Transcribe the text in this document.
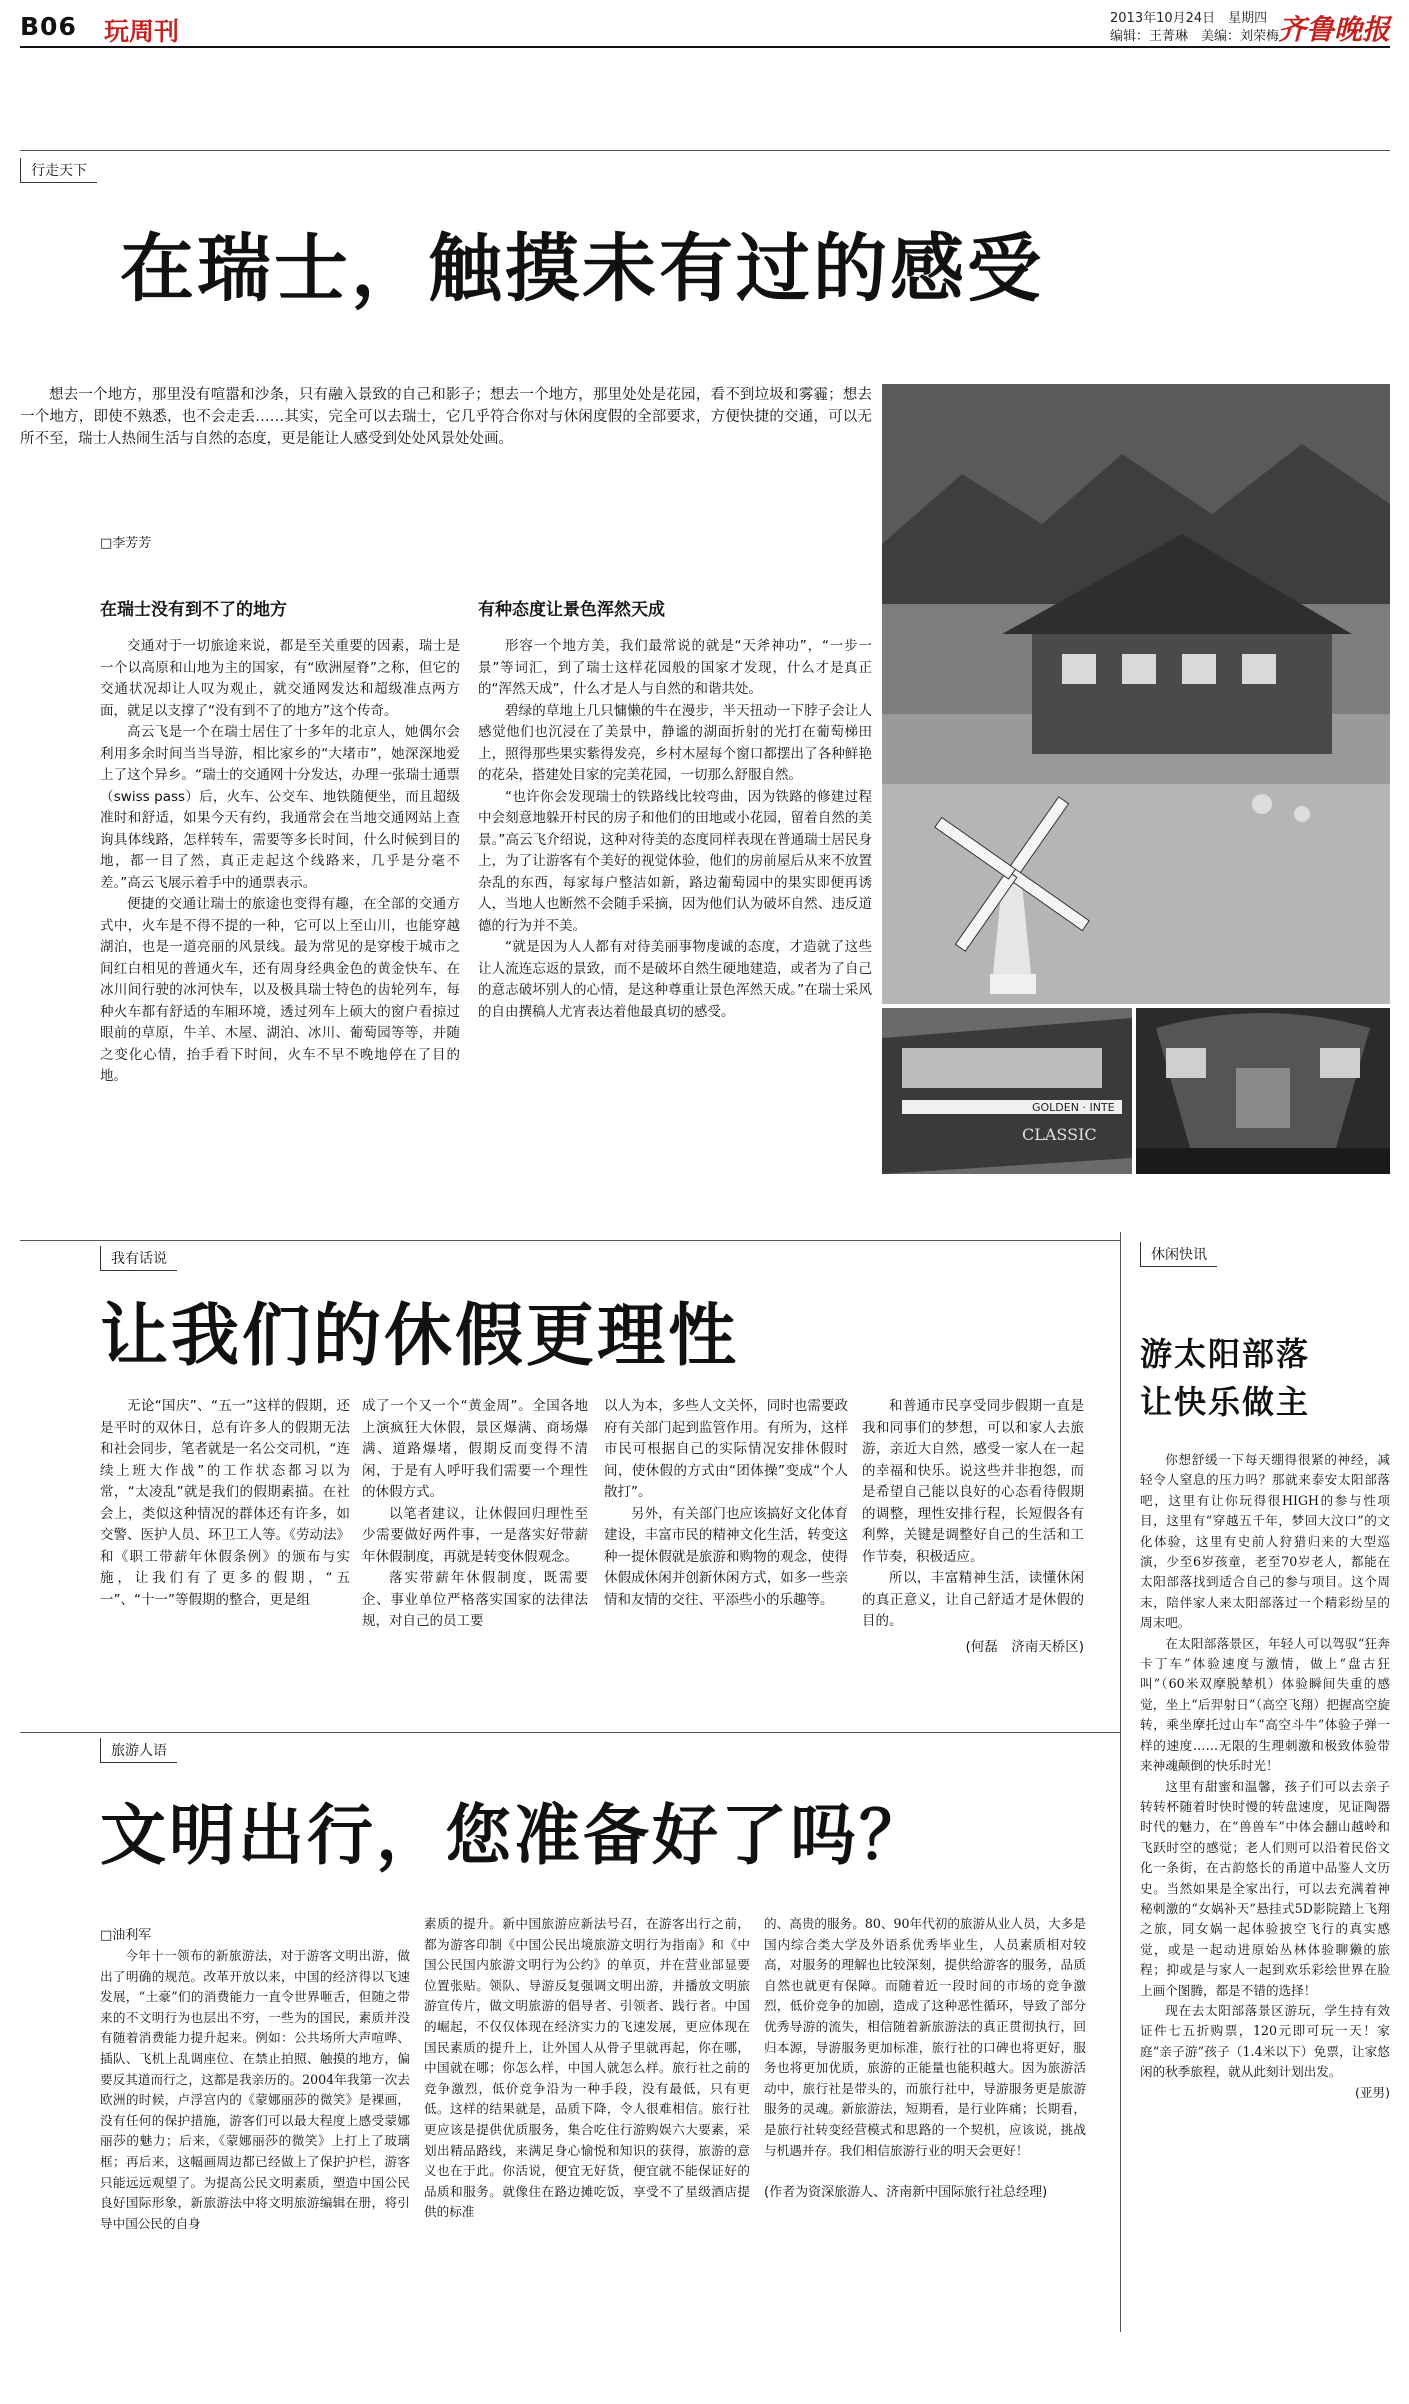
B06 玩周刊	2013年10月24日　星期四
编辑：王菁琳　美编：刘荣梅
齐鲁晚报
行走天下
在瑞士，触摸未有过的感受
想去一个地方，那里没有喧嚣和沙条，只有融入景致的自己和影子；想去一个地方，那里处处是花园，看不到垃圾和雾霾；想去一个地方，即使不熟悉，也不会走丢……其实，完全可以去瑞士，它几乎符合你对与休闲度假的全部要求，方便快捷的交通，可以无所不至，瑞士人热闹生活与自然的态度，更是能让人感受到处处风景处处画。
□李芳芳
在瑞士没有到不了的地方

交通对于一切旅途来说，都是至关重要的因素，瑞士是一个以高原和山地为主的国家，有“欧洲屋脊”之称，但它的交通状况却让人叹为观止，就交通网发达和超级准点两方面，就足以支撑了“没有到不了的地方”这个传奇。

高云飞是一个在瑞士居住了十多年的北京人，她偶尔会利用多余时间当当导游，相比家乡的“大堵市”，她深深地爱上了这个异乡。“瑞士的交通网十分发达，办理一张瑞士通票（swiss pass）后，火车、公交车、地铁随便坐，而且超级准时和舒适，如果今天有约，我通常会在当地交通网站上查询具体线路，怎样转车，需要等多长时间，什么时候到目的地，都一目了然，真正走起这个线路来，几乎是分毫不差。”高云飞展示着手中的通票表示。

便捷的交通让瑞士的旅途也变得有趣，在全部的交通方式中，火车是不得不提的一种，它可以上至山川，也能穿越湖泊，也是一道亮丽的风景线。最为常见的是穿梭于城市之间红白相见的普通火车，还有周身经典金色的黄金快车、在冰川间行驶的冰河快车，以及极具瑞士特色的齿轮列车，每种火车都有舒适的车厢环境，透过列车上硕大的窗户看掠过眼前的草原，牛羊、木屋、湖泊、冰川、葡萄园等等，并随之变化心情，抬手看下时间，火车不早不晚地停在了目的地。

有种态度让景色浑然天成

形容一个地方美，我们最常说的就是“天斧神功”，“一步一景”等词汇，到了瑞士这样花园般的国家才发现，什么才是真正的“浑然天成”，什么才是人与自然的和谐共处。

碧绿的草地上几只慵懒的牛在漫步，半天扭动一下脖子会让人感觉他们也沉浸在了美景中，静谧的湖面折射的光打在葡萄梯田上，照得那些果实紫得发亮，乡村木屋每个窗口都摆出了各种鲜艳的花朵，搭建处目家的完美花园，一切那么舒服自然。

“也许你会发现瑞士的铁路线比较弯曲，因为铁路的修建过程中会刻意地躲开村民的房子和他们的田地或小花园，留着自然的美景。”高云飞介绍说，这种对待美的态度同样表现在普通瑞士居民身上，为了让游客有个美好的视觉体验，他们的房前屋后从来不放置杂乱的东西，每家每户整洁如新，路边葡萄园中的果实即便再诱人，当地人也断然不会随手采摘，因为他们认为破坏自然、违反道德的行为并不美。

“就是因为人人都有对待美丽事物虔诚的态度，才造就了这些让人流连忘返的景致，而不是破坏自然生硬地建造，或者为了自己的意志破坏别人的心情，是这种尊重让景色浑然天成。”在瑞士采风的自由撰稿人尤宵表达着他最真切的感受。

GOLDEN · INTE
CLASSIC
我有话说
让我们的休假更理性

无论“国庆”、“五一”这样的假期，还是平时的双休日，总有许多人的假期无法和社会同步，笔者就是一名公交司机，“连续上班大作战”的工作状态都习以为常，“太凌乱”就是我们的假期素描。在社会上，类似这种情况的群体还有许多，如交警、医护人员、环卫工人等。《劳动法》和《职工带薪年休假条例》的颁布与实施，让我们有了更多的假期，“五一”、“十一”等假期的整合，更是组

成了一个又一个“黄金周”。全国各地上演疯狂大休假，景区爆满、商场爆满、道路爆堵，假期反而变得不清闲，于是有人呼吁我们需要一个理性的休假方式。

以笔者建议，让休假回归理性至少需要做好两件事，一是落实好带薪年休假制度，再就是转变休假观念。

落实带薪年休假制度，既需要企、事业单位严格落实国家的法律法规，对自己的员工要

以人为本，多些人文关怀，同时也需要政府有关部门起到监管作用。有所为，这样市民可根据自己的实际情况安排休假时间，使休假的方式由“团体操”变成“个人散打”。

另外，有关部门也应该搞好文化体育建设，丰富市民的精神文化生活，转变这种一提休假就是旅游和购物的观念，使得休假成休闲并创新休闲方式，如多一些亲情和友情的交往、平添些小的乐趣等。

和普通市民享受同步假期一直是我和同事们的梦想，可以和家人去旅游，亲近大自然，感受一家人在一起的幸福和快乐。说这些并非抱怨，而是希望自己能以良好的心态看待假期的调整，理性安排行程，长短假各有利弊，关键是调整好自己的生活和工作节奏，积极适应。

所以，丰富精神生活，读懂休闲的真正意义，让自己舒适才是休假的目的。

(何磊　济南天桥区)
旅游人语
文明出行，您准备好了吗？
□油利军

今年十一领布的新旅游法，对于游客文明出游，做出了明确的规范。改革开放以来，中国的经济得以飞速发展，“土豪”们的消费能力一直令世界咂舌，但随之带来的不文明行为也层出不穷，一些为的国民，素质并没有随着消费能力提升起来。例如：公共场所大声喧哗、插队、飞机上乱调座位、在禁止拍照、触摸的地方，偏要反其道而行之，这都是我亲历的。2004年我第一次去欧洲的时候，卢浮宫内的《蒙娜丽莎的微笑》是裸画，没有任何的保护措施，游客们可以最大程度上感受蒙娜丽莎的魅力；后来，《蒙娜丽莎的微笑》上打上了玻璃框；再后来，这幅画周边都已经做上了保护护栏，游客只能远远观望了。为提高公民文明素质，塑造中国公民良好国际形象，新旅游法中将文明旅游编辑在册，将引导中国公民的自身

素质的提升。新中国旅游应新法号召，在游客出行之前，都为游客印制《中国公民出境旅游文明行为指南》和《中国公民国内旅游文明行为公约》的单页，并在营业部显要位置张贴。领队、导游反复强调文明出游，并播放文明旅游宣传片，做文明旅游的倡导者、引领者、践行者。中国的崛起，不仅仅体现在经济实力的飞速发展，更应体现在国民素质的提升上，让外国人从骨子里就再起，你在哪，中国就在哪；你怎么样，中国人就怎么样。旅行社之前的竞争激烈，低价竞争沿为一种手段，没有最低，只有更低。这样的结果就是，品质下降，令人很难相信。旅行社更应该是提供优质服务，集合吃住行游购娱六大要素，采划出精品路线，来满足身心愉悦和知识的获得，旅游的意义也在于此。你活说，便宜无好货，便宜就不能保证好的品质和服务。就像住在路边摊吃饭，享受不了星级酒店提供的标准

的、高贵的服务。80、90年代初的旅游从业人员，大多是国内综合类大学及外语系优秀毕业生，人员素质相对较高，对服务的理解也比较深刻，提供给游客的服务，品质自然也就更有保障。而随着近一段时间的市场的竞争激烈，低价竞争的加剧，造成了这种恶性循环，导致了部分优秀导游的流失，相信随着新旅游法的真正贯彻执行，回归本源，导游服务更加标准，旅行社的口碑也将更好，服务也将更加优质，旅游的正能量也能积越大。因为旅游活动中，旅行社是带头的，而旅行社中，导游服务更是旅游服务的灵魂。新旅游法，短期看，是行业阵痛；长期看，是旅行社转变经营模式和思路的一个契机，应该说，挑战与机遇并存。我们相信旅游行业的明天会更好！

(作者为资深旅游人、济南新中国际旅行社总经理)
休闲快讯
游太阳部落
让快乐做主

你想舒缓一下每天绷得很紧的神经，减轻令人窒息的压力吗？那就来泰安太阳部落吧，这里有让你玩得很HIGH的参与性项目，这里有“穿越五千年，梦回大汶口”的文化体验，这里有史前人狩猎归来的大型巡演，少至6岁孩童，老至70岁老人，都能在太阳部落找到适合自己的参与项目。这个周末，陪伴家人来太阳部落过一个精彩纷呈的周末吧。

在太阳部落景区，年轻人可以驾驭“狂奔卡丁车”体验速度与激情，做上“盘古狂叫”（60米双摩脱辇机）体验瞬间失重的感觉，坐上“后羿射日”（高空飞翔）把握高空旋转，乘坐摩托过山车“高空斗牛”体验子弹一样的速度……无限的生理刺激和极致体验带来神魂颠倒的快乐时光！

这里有甜蜜和温馨，孩子们可以去亲子转转杯随着时快时慢的转盘速度，见证陶器时代的魅力，在“兽兽车”中体会翻山越岭和飞跃时空的感觉；老人们则可以沿着民俗文化一条街，在古韵悠长的甬道中品鉴人文历史。当然如果是全家出行，可以去充满着神秘刺激的“女娲补天”悬挂式5D影院踏上飞翔之旅，同女娲一起体验披空飞行的真实感觉，或是一起动进原始丛林体验聊獭的旅程；抑或是与家人一起到欢乐彩绘世界在脸上画个图腾，都是不错的选择！

现在去太阳部落景区游玩，学生持有效证件七五折购票，120元即可玩一天！家庭“亲子游”孩子（1.4米以下）免票，让家悠闲的秋季旅程，就从此刻计划出发。

(亚男)
